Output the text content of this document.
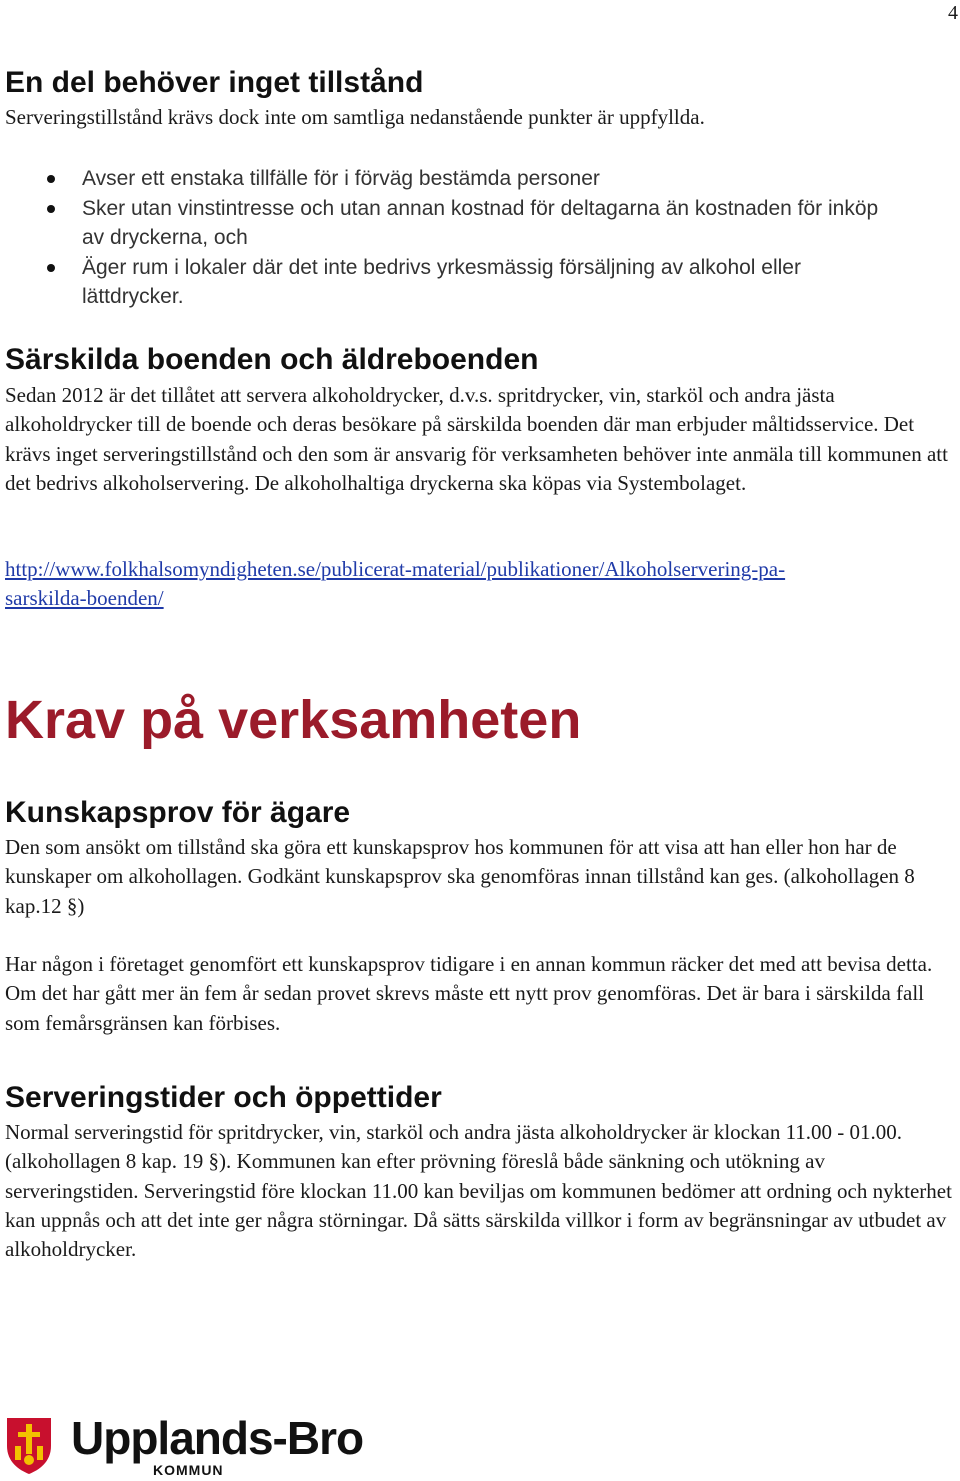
4
En del behöver inget tillstånd

Serveringstillstånd krävs dock inte om samtliga nedanstående punkter är uppfyllda.

Avser ett enstaka tillfälle för i förväg bestämda personer
Sker utan vinstintresse och utan annan kostnad för deltagarna än kostnaden för inköp av dryckerna, och
Äger rum i lokaler där det inte bedrivs yrkesmässig försäljning av alkohol eller lättdrycker.
Särskilda boenden och äldreboenden

Sedan 2012 är det tillåtet att servera alkoholdrycker, d.v.s. spritdrycker, vin, starköl och andra jästa alkoholdrycker till de boende och deras besökare på särskilda boenden där man erbjuder måltidsservice. Det krävs inget serveringstillstånd och den som är ansvarig för verksamheten behöver inte anmäla till kommunen att det bedrivs alkoholservering. De alkoholhaltiga dryckerna ska köpas via Systembolaget.

http://www.folkhalsomyndigheten.se/publicerat-material/publikationer/Alkoholservering-pa-
sarskilda-boenden/
Krav på verksamheten
Kunskapsprov för ägare

Den som ansökt om tillstånd ska göra ett kunskapsprov hos kommunen för att visa att han eller hon har de kunskaper om alkohollagen. Godkänt kunskapsprov ska genomföras innan tillstånd kan ges. (alkohollagen 8 kap.12 §)

Har någon i företaget genomfört ett kunskapsprov tidigare i en annan kommun räcker det med att bevisa detta. Om det har gått mer än fem år sedan provet skrevs måste ett nytt prov genomföras. Det är bara i särskilda fall som femårsgränsen kan förbises.

Serveringstider och öppettider

Normal serveringstid för spritdrycker, vin, starköl och andra jästa alkoholdrycker är klockan 11.00 - 01.00. (alkohollagen 8 kap. 19 §). Kommunen kan efter prövning föreslå både sänkning och utökning av serveringstiden. Serveringstid före klockan 11.00 kan beviljas om kommunen bedömer att ordning och nykterhet kan uppnås och att det inte ger några störningar. Då sätts särskilda villkor i form av begränsningar av utbudet av alkoholdrycker.

Upplands-Bro
KOMMUN
